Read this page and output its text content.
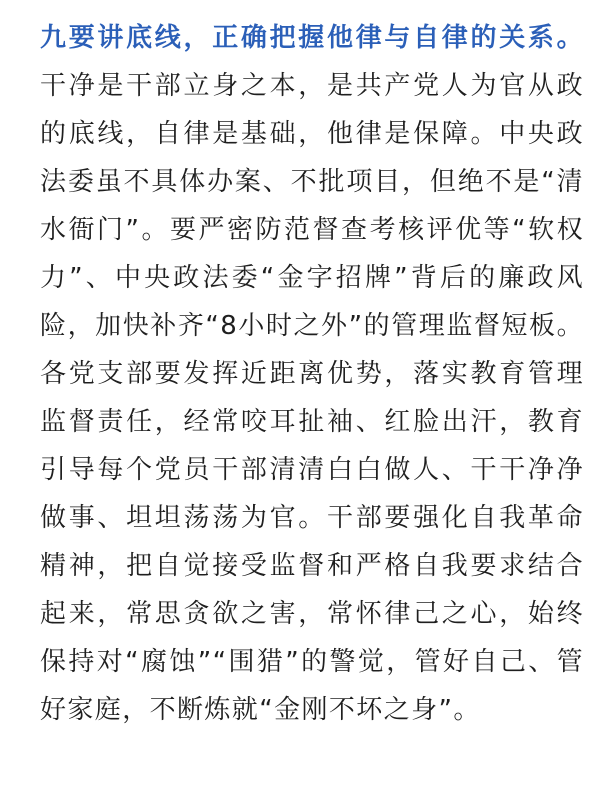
九要讲底线，正确把握他律与自律的关系。干净是干部立身之本，是共产党人为官从政的底线，自律是基础，他律是保障。中央政法委虽不具体办案、不批项目，但绝不是“清水衙门”。要严密防范督查考核评优等“软权力”、中央政法委“金字招牌”背后的廉政风险，加快补齐“8小时之外”的管理监督短板。各党支部要发挥近距离优势，落实教育管理监督责任，经常咬耳扯袖、红脸出汗，教育引导每个党员干部清清白白做人、干干净净做事、坦坦荡荡为官。干部要强化自我革命精神，把自觉接受监督和严格自我要求结合起来，常思贪欲之害，常怀律己之心，始终保持对“腐蚀”“围猎”的警觉，管好自己、管好家庭，不断炼就“金刚不坏之身”。
